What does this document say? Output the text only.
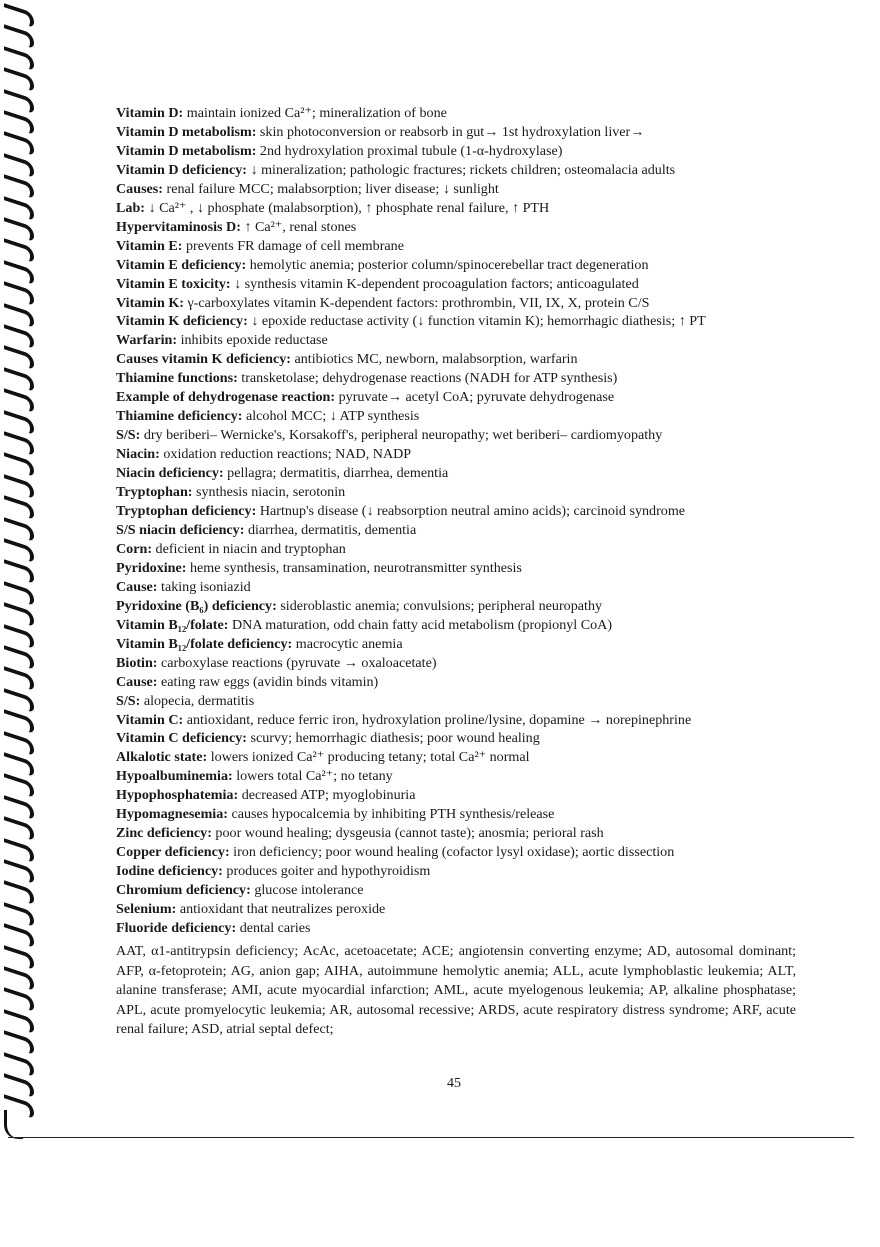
Vitamin D: maintain ionized Ca²⁺; mineralization of bone
Vitamin D metabolism: skin photoconversion or reabsorb in gut→ 1st hydroxylation liver→
Vitamin D metabolism: 2nd hydroxylation proximal tubule (1-α-hydroxylase)
Vitamin D deficiency: ↓ mineralization; pathologic fractures; rickets children; osteomalacia adults
Causes: renal failure MCC; malabsorption; liver disease; ↓ sunlight
Lab: ↓ Ca²⁺ , ↓ phosphate (malabsorption), ↑ phosphate renal failure, ↑ PTH
Hypervitaminosis D: ↑ Ca²⁺, renal stones
Vitamin E: prevents FR damage of cell membrane
Vitamin E deficiency: hemolytic anemia; posterior column/spinocerebellar tract degeneration
Vitamin E toxicity: ↓ synthesis vitamin K-dependent procoagulation factors; anticoagulated
Vitamin K: γ-carboxylates vitamin K-dependent factors: prothrombin, VII, IX, X, protein C/S
Vitamin K deficiency: ↓ epoxide reductase activity (↓ function vitamin K); hemorrhagic diathesis; ↑ PT
Warfarin: inhibits epoxide reductase
Causes vitamin K deficiency: antibiotics MC, newborn, malabsorption, warfarin
Thiamine functions: transketolase; dehydrogenase reactions (NADH for ATP synthesis)
Example of dehydrogenase reaction: pyruvate→ acetyl CoA; pyruvate dehydrogenase
Thiamine deficiency: alcohol MCC; ↓ ATP synthesis
S/S: dry beriberi– Wernicke's, Korsakoff's, peripheral neuropathy; wet beriberi– cardiomyopathy
Niacin: oxidation reduction reactions; NAD, NADP
Niacin deficiency: pellagra; dermatitis, diarrhea, dementia
Tryptophan: synthesis niacin, serotonin
Tryptophan deficiency: Hartnup's disease (↓ reabsorption neutral amino acids); carcinoid syndrome
S/S niacin deficiency: diarrhea, dermatitis, dementia
Corn: deficient in niacin and tryptophan
Pyridoxine: heme synthesis, transamination, neurotransmitter synthesis
Cause: taking isoniazid
Pyridoxine (B₆) deficiency: sideroblastic anemia; convulsions; peripheral neuropathy
Vitamin B₁₂/folate: DNA maturation, odd chain fatty acid metabolism (propionyl CoA)
Vitamin B₁₂/folate deficiency: macrocytic anemia
Biotin: carboxylase reactions (pyruvate → oxaloacetate)
Cause: eating raw eggs (avidin binds vitamin)
S/S: alopecia, dermatitis
Vitamin C: antioxidant, reduce ferric iron, hydroxylation proline/lysine, dopamine → norepinephrine
Vitamin C deficiency: scurvy; hemorrhagic diathesis; poor wound healing
Alkalotic state: lowers ionized Ca²⁺ producing tetany; total Ca²⁺ normal
Hypoalbuminemia: lowers total Ca²⁺; no tetany
Hypophosphatemia: decreased ATP; myoglobinuria
Hypomagnesemia: causes hypocalcemia by inhibiting PTH synthesis/release
Zinc deficiency: poor wound healing; dysgeusia (cannot taste); anosmia; perioral rash
Copper deficiency: iron deficiency; poor wound healing (cofactor lysyl oxidase); aortic dissection
Iodine deficiency: produces goiter and hypothyroidism
Chromium deficiency: glucose intolerance
Selenium: antioxidant that neutralizes peroxide
Fluoride deficiency: dental caries
AAT, α1-antitrypsin deficiency; AcAc, acetoacetate; ACE; angiotensin converting enzyme; AD, autosomal dominant; AFP, α-fetoprotein; AG, anion gap; AIHA, autoimmune hemolytic anemia; ALL, acute lymphoblastic leukemia; ALT, alanine transferase; AMI, acute myocardial infarction; AML, acute myelogenous leukemia; AP, alkaline phosphatase; APL, acute promyelocytic leukemia; AR, autosomal recessive; ARDS, acute respiratory distress syndrome; ARF, acute renal failure; ASD, atrial septal defect;
45
